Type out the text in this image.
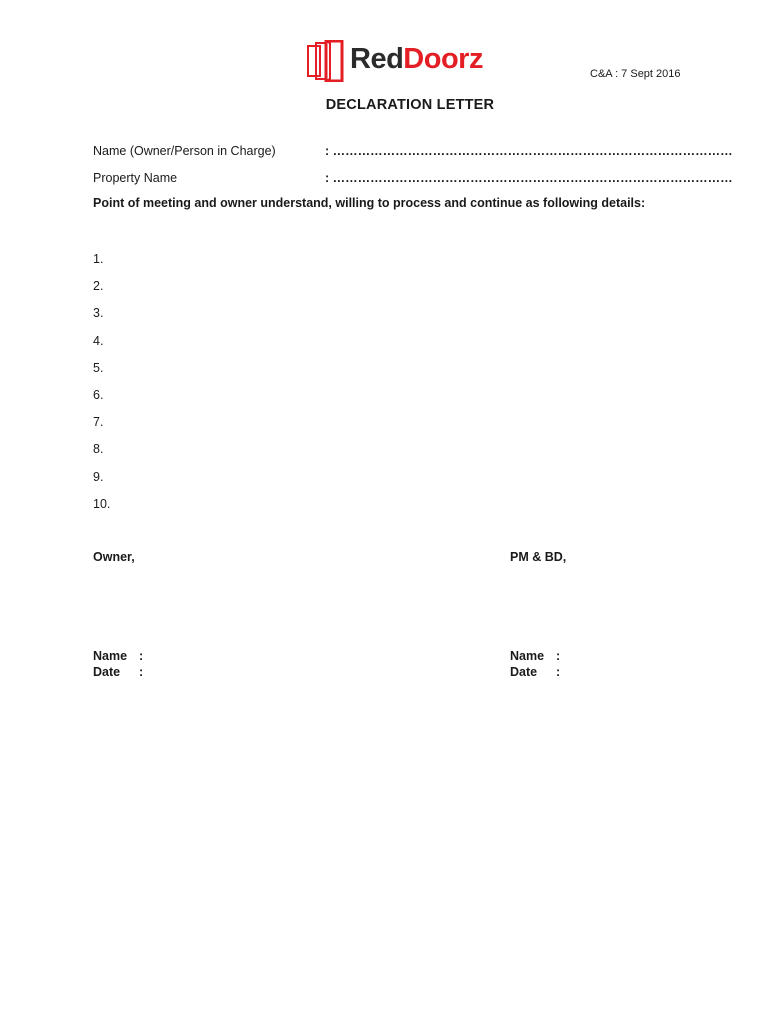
RedDoorz	C&A : 7 Sept 2016
DECLARATION LETTER
Name (Owner/Person in Charge)	: ……………………………………………………………………………………
Property Name	: ……………………………………………………………………………………
Point of meeting and owner understand, willing to process and continue as following details:
1.
2.
3.
4.
5.
6.
7.
8.
9.
10.
Owner,
Name :
Date :
PM & BD,
Name :
Date :
